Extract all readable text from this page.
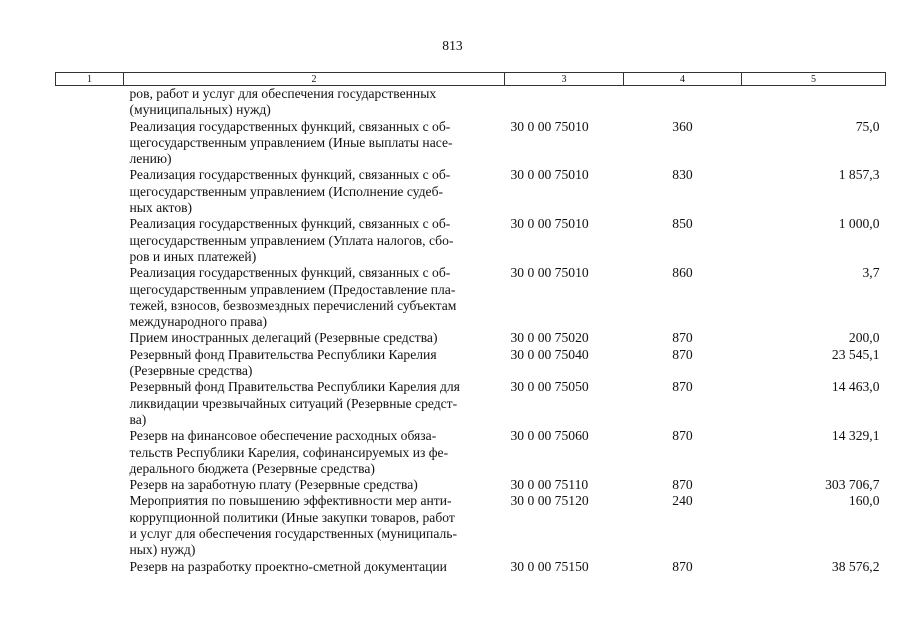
813
1	2	3	4	5

	ров, работ и услуг для обеспечения государственных
(муниципальных) нужд)			

	Реализация государственных функций, связанных с об-
щегосударственным управлением (Иные выплаты насе-
лению)	30 0 00 75010	360	75,0

	Реализация государственных функций, связанных с об-
щегосударственным управлением (Исполнение судеб-
ных актов)	30 0 00 75010	830	1 857,3

	Реализация государственных функций, связанных с об-
щегосударственным управлением (Уплата налогов, сбо-
ров и иных платежей)	30 0 00 75010	850	1 000,0

	Реализация государственных функций, связанных с об-
щегосударственным управлением (Предоставление пла-
тежей, взносов, безвозмездных перечислений субъектам
международного права)	30 0 00 75010	860	3,7

	Прием иностранных делегаций (Резервные средства)	30 0 00 75020	870	200,0

	Резервный фонд Правительства Республики Карелия
(Резервные средства)	30 0 00 75040	870	23 545,1

	Резервный фонд Правительства Республики Карелия для
ликвидации чрезвычайных ситуаций (Резервные средст-
ва)	30 0 00 75050	870	14 463,0

	Резерв на финансовое обеспечение расходных обяза-
тельств Республики Карелия, софинансируемых из фе-
дерального бюджета (Резервные средства)	30 0 00 75060	870	14 329,1

	Резерв на заработную плату (Резервные средства)	30 0 00 75110	870	303 706,7

	Мероприятия по повышению эффективности мер анти-
коррупционной политики (Иные закупки товаров, работ
и услуг для обеспечения государственных (муниципаль-
ных) нужд)	30 0 00 75120	240	160,0

	Резерв на разработку проектно-сметной документации	30 0 00 75150	870	38 576,2
